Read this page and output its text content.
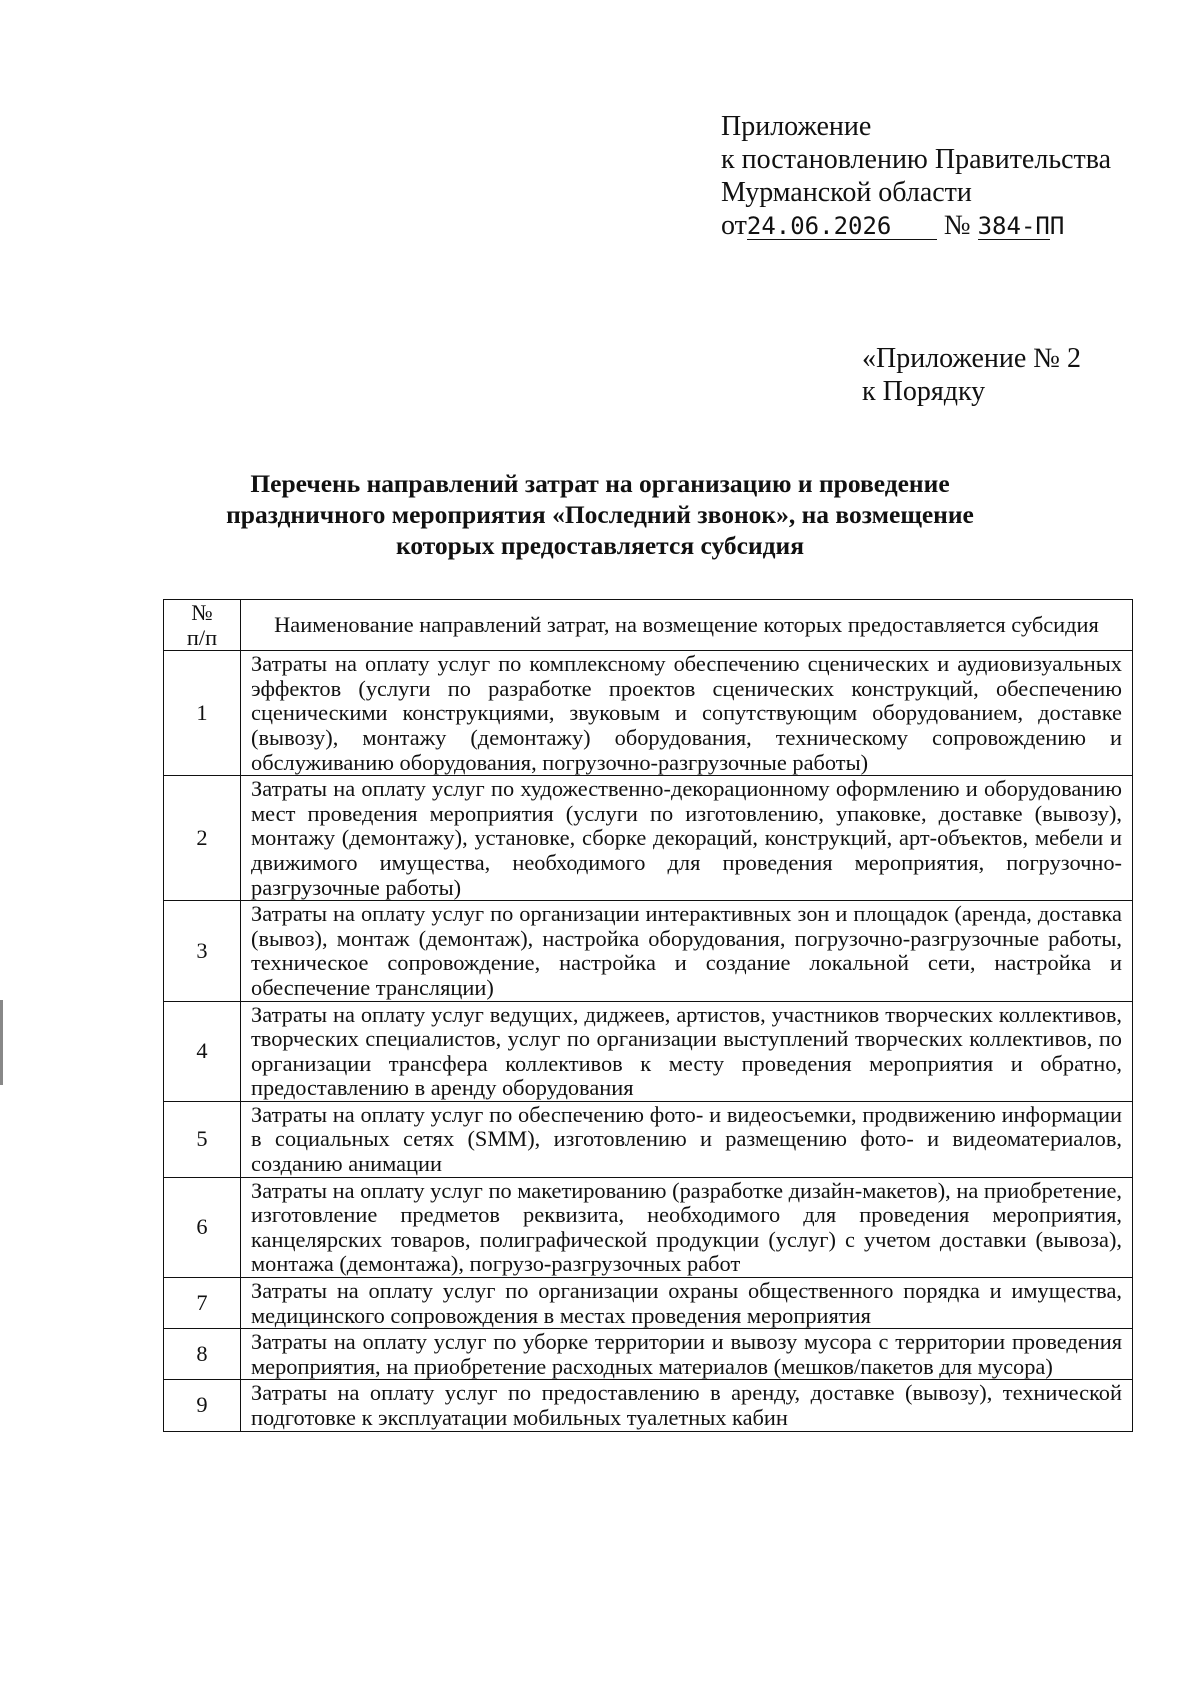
Приложение
к постановлению Правительства
Мурманской области
от24.06.2026 № 384-ПП
«Приложение № 2
к Порядку
Перечень направлений затрат на организацию и проведение
праздничного мероприятия «Последний звонок», на возмещение
которых предоставляется субсидия
№
п/п	Наименование направлений затрат, на возмещение которых предоставляется субсидия
1	Затраты на оплату услуг по комплексному обеспечению сценических и аудиовизуальных эффектов (услуги по разработке проектов сценических конструкций, обеспечению сценическими конструкциями, звуковым и сопутствующим оборудованием, доставке (вывозу), монтажу (демонтажу) оборудования, техническому сопровождению и обслуживанию оборудования, погрузочно-разгрузочные работы)
2	Затраты на оплату услуг по художественно-декорационному оформлению и оборудованию мест проведения мероприятия (услуги по изготовлению, упаковке, доставке (вывозу), монтажу (демонтажу), установке, сборке декораций, конструкций, арт-объектов, мебели и движимого имущества, необходимого для проведения мероприятия, погрузочно-разгрузочные работы)
3	Затраты на оплату услуг по организации интерактивных зон и площадок (аренда, доставка (вывоз), монтаж (демонтаж), настройка оборудования, погрузочно-разгрузочные работы, техническое сопровождение, настройка и создание локальной сети, настройка и обеспечение трансляции)
4	Затраты на оплату услуг ведущих, диджеев, артистов, участников творческих коллективов, творческих специалистов, услуг по организации выступлений творческих коллективов, по организации трансфера коллективов к месту проведения мероприятия и обратно, предоставлению в аренду оборудования
5	Затраты на оплату услуг по обеспечению фото- и видеосъемки, продвижению информации в социальных сетях (SMM), изготовлению и размещению фото- и видеоматериалов, созданию анимации
6	Затраты на оплату услуг по макетированию (разработке дизайн-макетов), на приобретение, изготовление предметов реквизита, необходимого для проведения мероприятия, канцелярских товаров, полиграфической продукции (услуг) с учетом доставки (вывоза), монтажа (демонтажа), погрузо-разгрузочных работ
7	Затраты на оплату услуг по организации охраны общественного порядка и имущества, медицинского сопровождения в местах проведения мероприятия
8	Затраты на оплату услуг по уборке территории и вывозу мусора с территории проведения мероприятия, на приобретение расходных материалов (мешков/пакетов для мусора)
9	Затраты на оплату услуг по предоставлению в аренду, доставке (вывозу), технической подготовке к эксплуатации мобильных туалетных кабин
